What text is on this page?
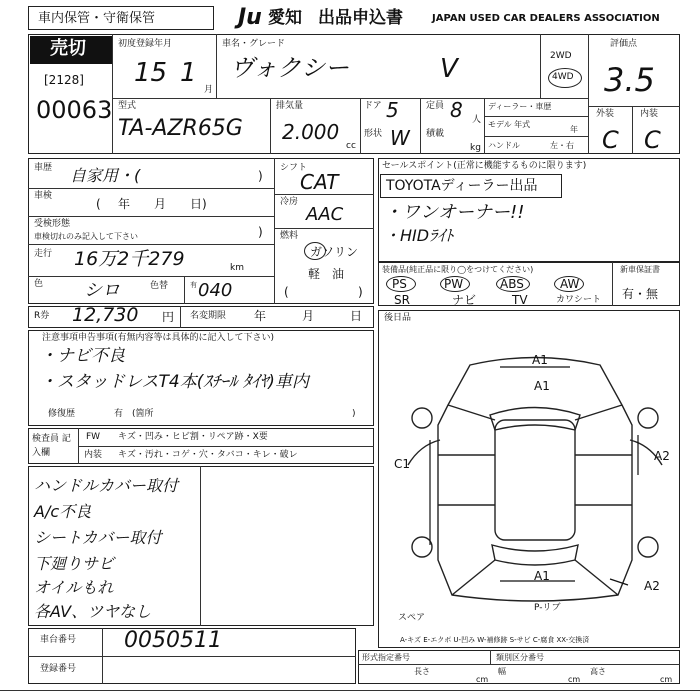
車内保管・守衛保管	Ju 愛知 出品申込書	JAPAN USED CAR DEALERS ASSOCIATION
売切
[2128]
00063
初度登録年月
15 1
月
車名・グレード
ヴォクシー	V	2WD
4WD
評価点
3.5
外装	内装
C C
型式
TA-AZR65G
排気量
2.000
cc
ドア 5
形状 W
定員 8 人
積載
kg
ディーラー・車歴
モデル 年式
年
ハンドル	左・右
車歴 自家用・(	)
車検
( 年　　月　　日)
受検形態
車検切れのみ記入して下さい	)
走行 16万2千279	km
色 シロ	色替 040
有
シフト
CAT
冷房
AAC
燃料
ガソリン
軽　油
(	)
セールスポイント(正常に機能するものに限ります)
TOYOTAディーラー出品
・ワンオーナー!!
・HIDﾗｲﾄ
装備品(純正品に限り◯をつけてください)	新車保証書
有・無
PS	PW	ABS	AW
SR	ナビ	TV	カワシート
R券 12,730 円 名変期限 年　　　月　　　日
注意事項申告事項(有無内容等は具体的に記入して下さい)
・ナビ不良
・スタッドレスT4本(ｽﾁｰﾙ ﾀｲﾔ)車内
修復歴	有　(箇所	)
検査員 記入欄
FW キズ・凹み・ヒビ割・リペア跡・X要
内装 キズ・汚れ・コゲ・穴・タバコ・キレ・破レ
ハンドルカバー取付
A/c不良
シートカバー取付
下廻りサビ
オイルもれ
各AV、ツヤなし
後日品
A1
A1
C1
A2
A1
A2
P-リブ
スペア
A-キズ E-エクボ U-凹み W-補修跡 S-サビ C-腐食 XX-交換済
車台番号 0050511
登録番号
形式指定番号	類別区分番号
長さ
cm
幅
cm
高さ
cm
